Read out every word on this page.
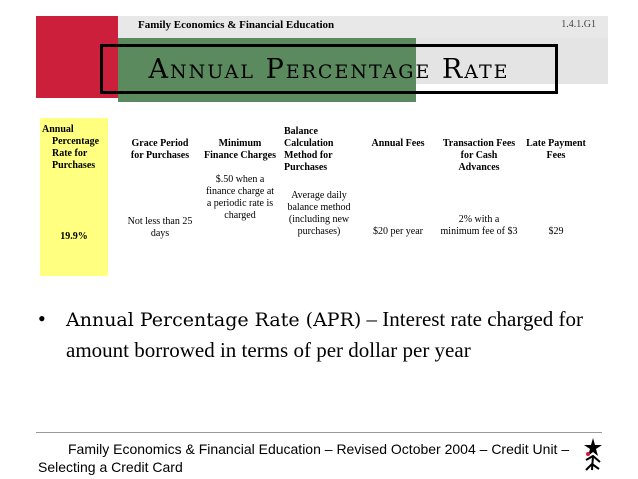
Family Economics & Financial Education	1.4.1.G1
Annual Percentage Rate
Annual Percentage Rate for Purchases
19.9%
Grace Period for Purchases
Not less than 25 days
Minimum Finance Charges
$.50 when a finance charge at a periodic rate is charged
Balance Calculation Method for Purchases
Average daily balance method (including new purchases)
Annual Fees
$20 per year
Transaction Fees for Cash Advances
2% with a minimum fee of $3
Late Payment Fees
$29
• Annual Percentage Rate (APR) – Interest rate charged for amount borrowed in terms of per dollar per year
Family Economics & Financial Education – Revised October 2004 – Credit Unit – Selecting a Credit Card
